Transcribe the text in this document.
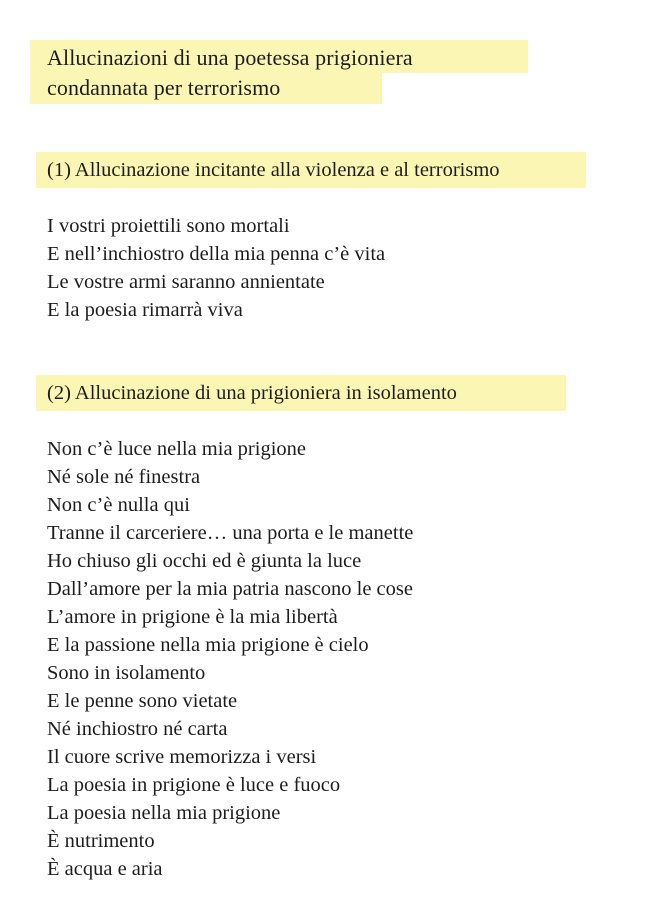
Allucinazioni di una poetessa prigioniera
condannata per terrorismo
(1) Allucinazione incitante alla violenza e al terrorismo
I vostri proiettili sono mortali
E nell’inchiostro della mia penna c’è vita
Le vostre armi saranno annientate
E la poesia rimarrà viva
(2) Allucinazione di una prigioniera in isolamento
Non c’è luce nella mia prigione
Né sole né finestra
Non c’è nulla qui
Tranne il carceriere… una porta e le manette
Ho chiuso gli occhi ed è giunta la luce
Dall’amore per la mia patria nascono le cose
L’amore in prigione è la mia libertà
E la passione nella mia prigione è cielo
Sono in isolamento
E le penne sono vietate
Né inchiostro né carta
Il cuore scrive memorizza i versi
La poesia in prigione è luce e fuoco
La poesia nella mia prigione
È nutrimento
È acqua e aria
